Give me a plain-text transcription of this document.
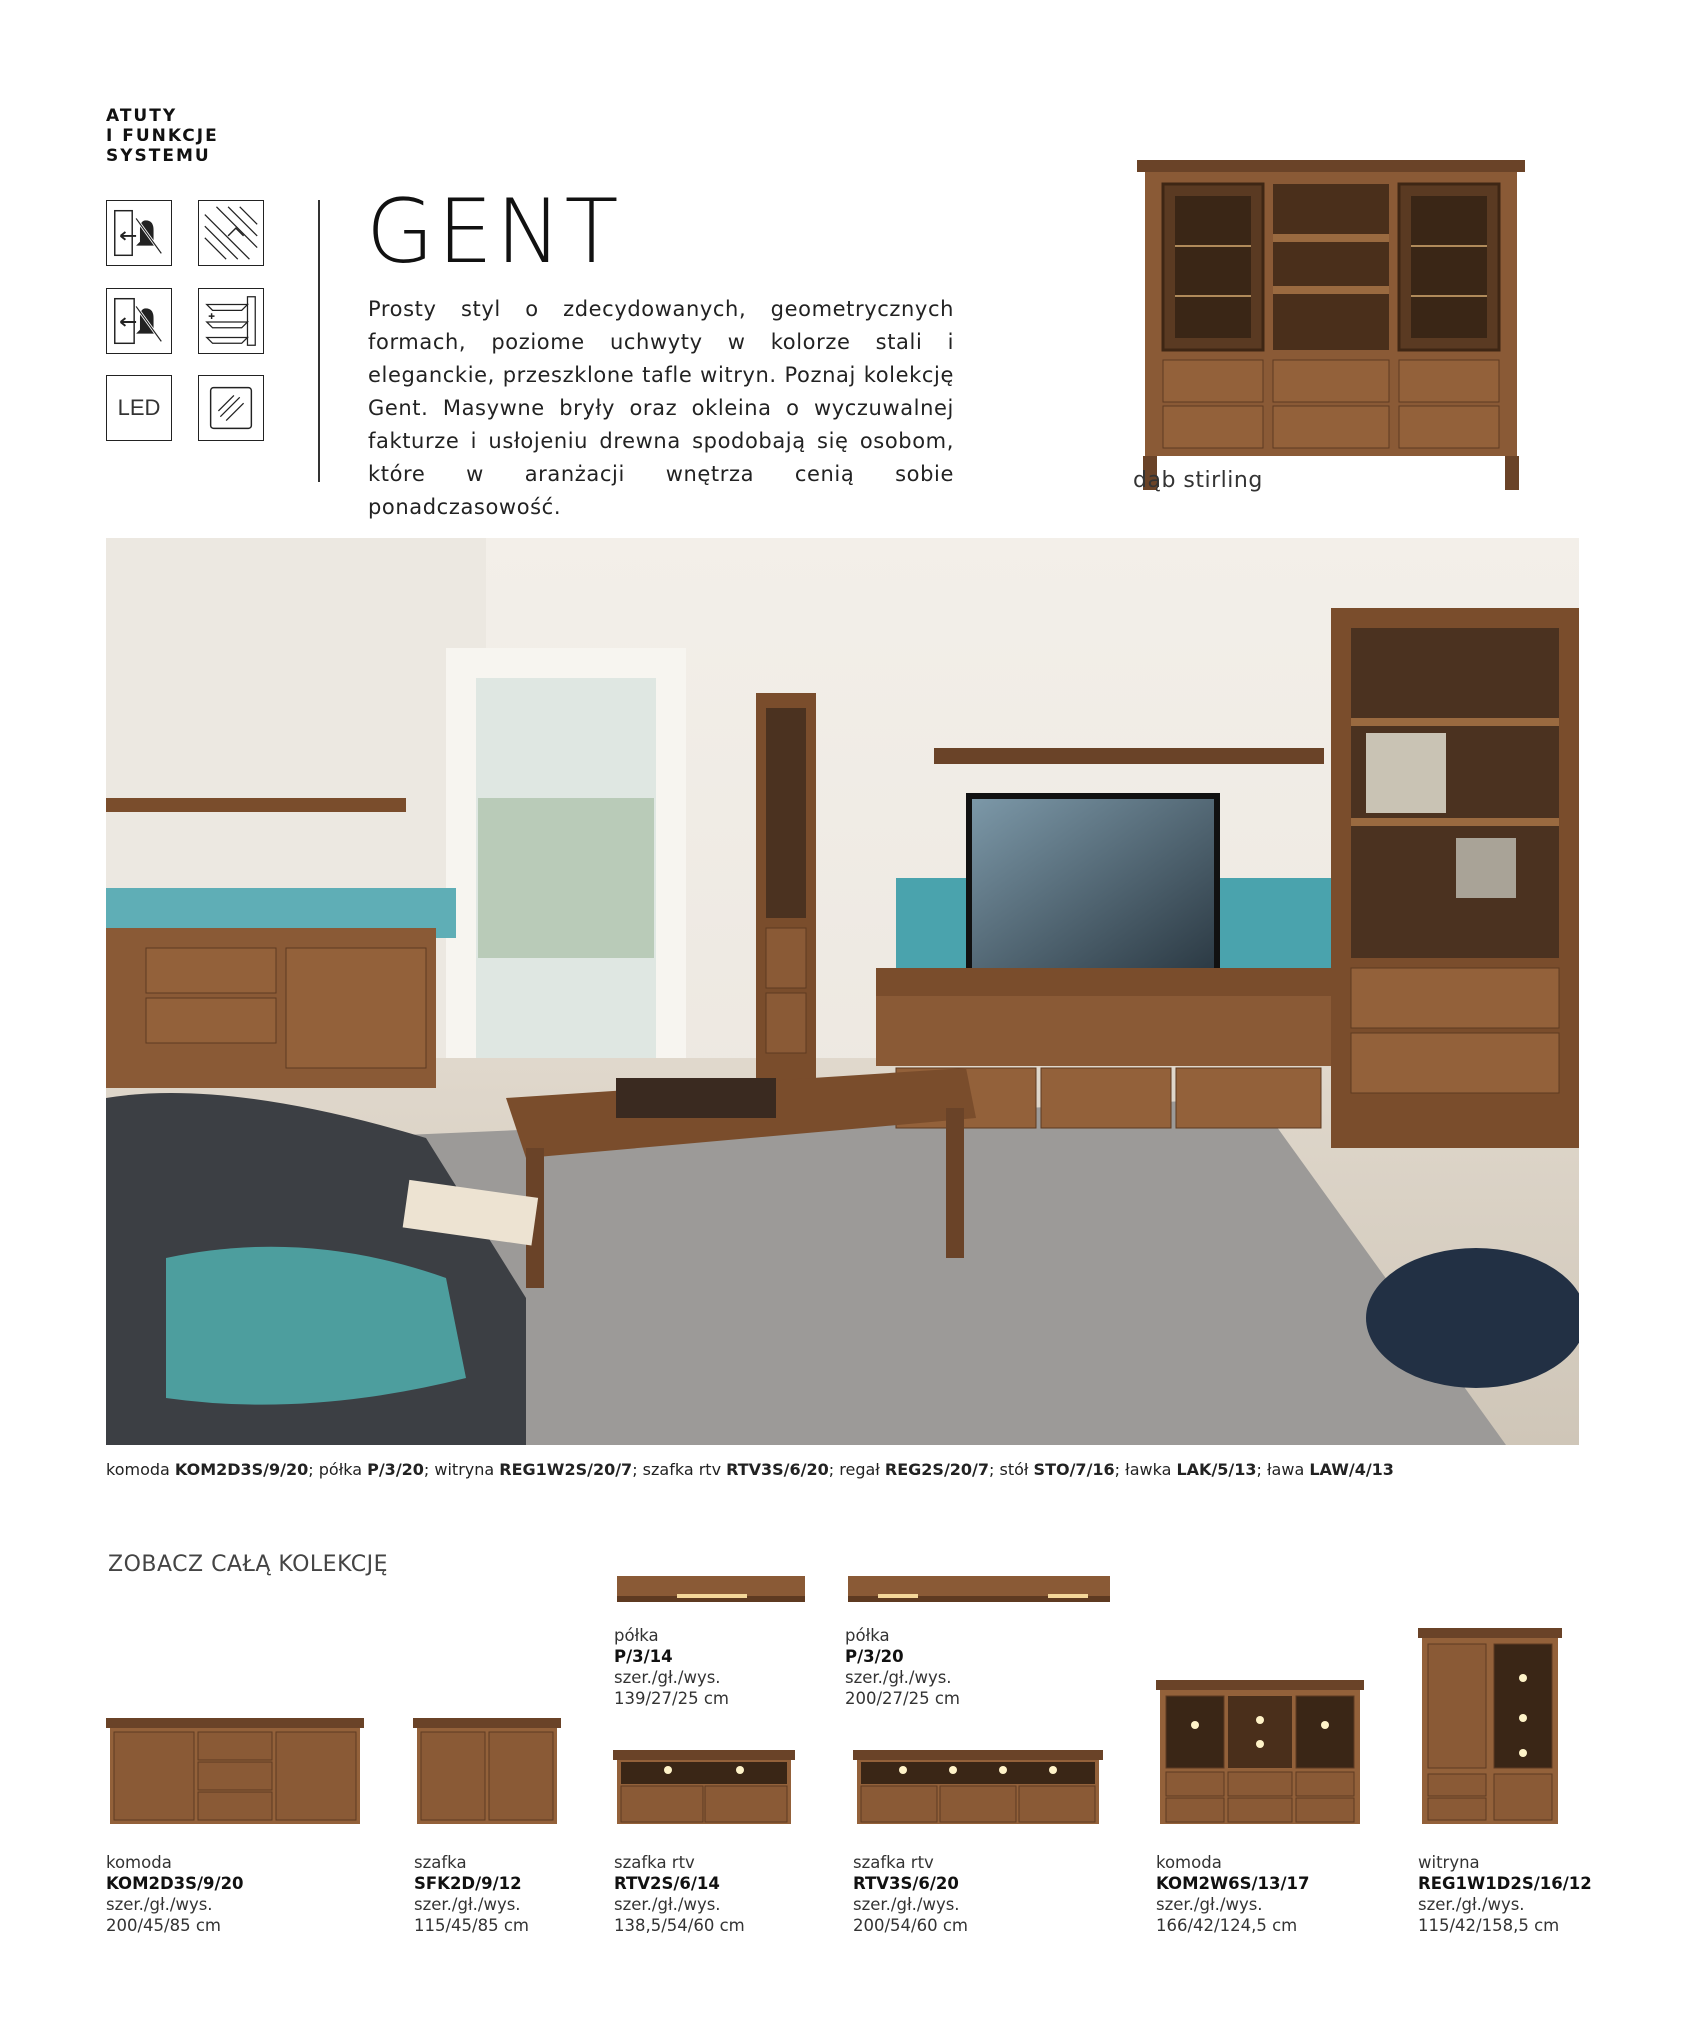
ATUTY
I FUNKCJE
SYSTEMU
LED
GENT
Prosty styl o zdecydowanych, geometrycznych formach, poziome uchwyty w kolorze stali i eleganckie, przeszklone tafle witryn. Poznaj kolekcję Gent. Masywne bryły oraz okleina o wyczuwalnej fakturze i usłojeniu drewna spodobają się osobom, które w aranżacji wnętrza cenią sobie ponadczasowość.
dąb stirling
komoda KOM2D3S/9/20; półka P/3/20; witryna REG1W2S/20/7; szafka rtv RTV3S/6/20; regał REG2S/20/7; stół STO/7/16; ławka LAK/5/13; ława LAW/4/13
ZOBACZ CAŁĄ KOLEKCJĘ
półka
P/3/14
szer./gł./wys.
139/27/25 cm
półka
P/3/20
szer./gł./wys.
200/27/25 cm
komoda
KOM2D3S/9/20
szer./gł./wys.
200/45/85 cm
szafka
SFK2D/9/12
szer./gł./wys.
115/45/85 cm
szafka rtv
RTV2S/6/14
szer./gł./wys.
138,5/54/60 cm
szafka rtv
RTV3S/6/20
szer./gł./wys.
200/54/60 cm
komoda
KOM2W6S/13/17
szer./gł./wys.
166/42/124,5 cm
witryna
REG1W1D2S/16/12
szer./gł./wys.
115/42/158,5 cm
